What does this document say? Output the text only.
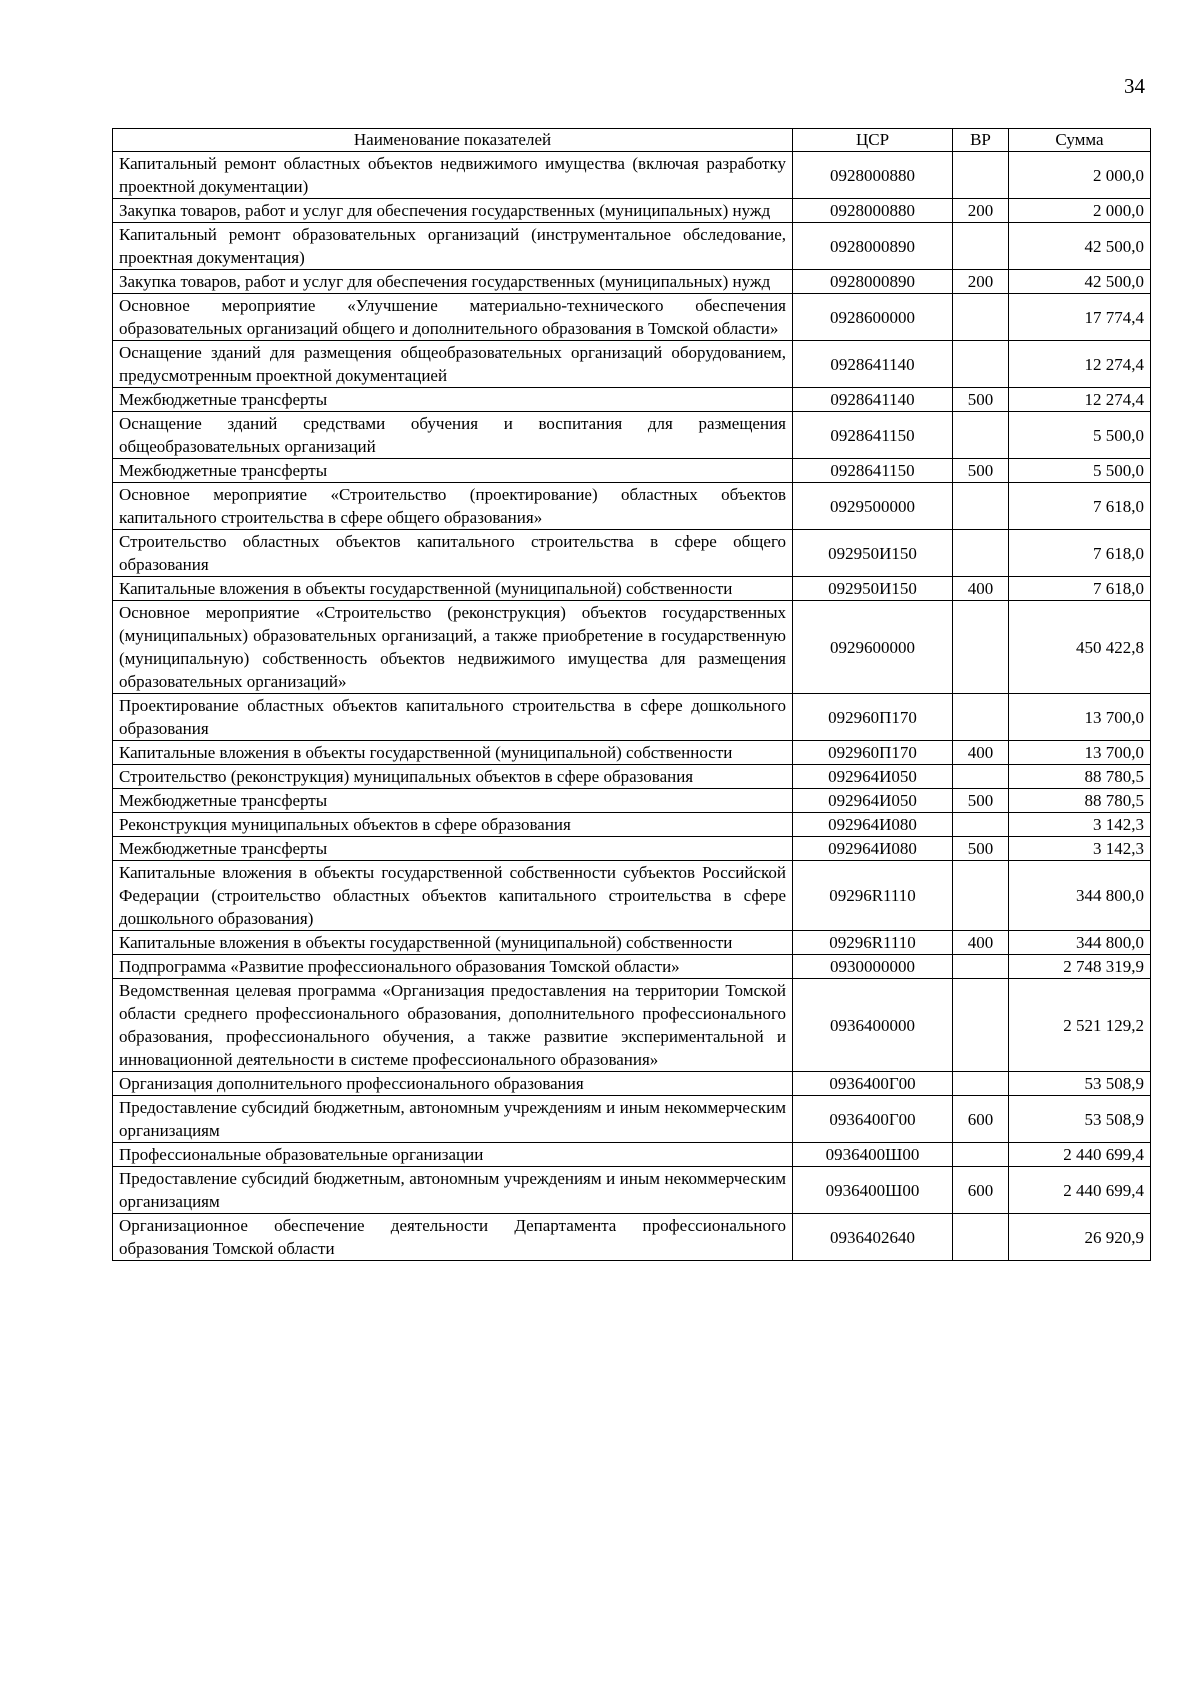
34
Наименование показателей	ЦСР	ВР	Сумма
Капитальный ремонт областных объектов недвижимого имущества (включая разработку проектной документации)	0928000880		2 000,0
Закупка товаров, работ и услуг для обеспечения государственных (муниципальных) нужд	0928000880	200	2 000,0
Капитальный ремонт образовательных организаций (инструментальное обследование, проектная документация)	0928000890		42 500,0
Закупка товаров, работ и услуг для обеспечения государственных (муниципальных) нужд	0928000890	200	42 500,0
Основное мероприятие «Улучшение материально-технического обеспечения образовательных организаций общего и дополнительного образования в Томской области»	0928600000		17 774,4
Оснащение зданий для размещения общеобразовательных организаций оборудованием, предусмотренным проектной документацией	0928641140		12 274,4
Межбюджетные трансферты	0928641140	500	12 274,4
Оснащение зданий средствами обучения и воспитания для размещения общеобразовательных организаций	0928641150		5 500,0
Межбюджетные трансферты	0928641150	500	5 500,0
Основное мероприятие «Строительство (проектирование) областных объектов капитального строительства в сфере общего образования»	0929500000		7 618,0
Строительство областных объектов капитального строительства в сфере общего образования	092950И150		7 618,0
Капитальные вложения в объекты государственной (муниципальной) собственности	092950И150	400	7 618,0
Основное мероприятие «Строительство (реконструкция) объектов государственных (муниципальных) образовательных организаций, а также приобретение в государственную (муниципальную) собственность объектов недвижимого имущества для размещения образовательных организаций»	0929600000		450 422,8
Проектирование областных объектов капитального строительства в сфере дошкольного образования	092960П170		13 700,0
Капитальные вложения в объекты государственной (муниципальной) собственности	092960П170	400	13 700,0
Строительство (реконструкция) муниципальных объектов в сфере образования	092964И050		88 780,5
Межбюджетные трансферты	092964И050	500	88 780,5
Реконструкция муниципальных объектов в сфере образования	092964И080		3 142,3
Межбюджетные трансферты	092964И080	500	3 142,3
Капитальные вложения в объекты государственной собственности субъектов Российской Федерации (строительство областных объектов капитального строительства в сфере дошкольного образования)	09296R1110		344 800,0
Капитальные вложения в объекты государственной (муниципальной) собственности	09296R1110	400	344 800,0
Подпрограмма «Развитие профессионального образования Томской области»	0930000000		2 748 319,9
Ведомственная целевая программа «Организация предоставления на территории Томской области среднего профессионального образования, дополнительного профессионального образования, профессионального обучения, а также развитие экспериментальной и инновационной деятельности в системе профессионального образования»	0936400000		2 521 129,2
Организация дополнительного профессионального образования	0936400Г00		53 508,9
Предоставление субсидий бюджетным, автономным учреждениям и иным некоммерческим организациям	0936400Г00	600	53 508,9
Профессиональные образовательные организации	0936400Ш00		2 440 699,4
Предоставление субсидий бюджетным, автономным учреждениям и иным некоммерческим организациям	0936400Ш00	600	2 440 699,4
Организационное обеспечение деятельности Департамента профессионального образования Томской области	0936402640		26 920,9
